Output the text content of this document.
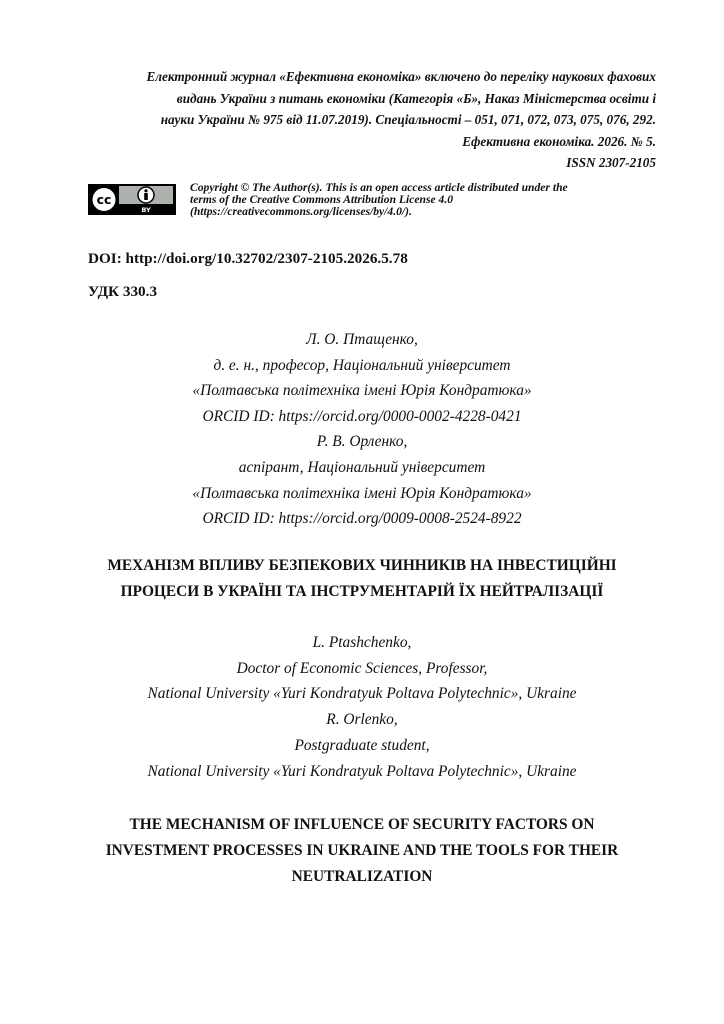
Електронний журнал «Ефективна економіка» включено до переліку наукових фахових
видань України з питань економіки (Категорія «Б», Наказ Міністерства освіти і
науки України № 975 від 11.07.2019). Спеціальності – 051, 071, 072, 073, 075, 076, 292.
Ефективна економіка. 2026. № 5.
ISSN 2307-2105
cc
BY
Copyright © The Author(s). This is an open access article distributed under the
terms of the Creative Commons Attribution License 4.0
(https://creativecommons.org/licenses/by/4.0/).
DOI: http://doi.org/10.32702/2307-2105.2026.5.78
УДК 330.3
Л. О. Птащенко,
д. е. н., професор, Національний університет
«Полтавська політехніка імені Юрія Кондратюка»
ORCID ID: https://orcid.org/0000-0002-4228-0421
Р. В. Орленко,
аспірант, Національний університет
«Полтавська політехніка імені Юрія Кондратюка»
ORCID ID: https://orcid.org/0009-0008-2524-8922
МЕХАНІЗМ ВПЛИВУ БЕЗПЕКОВИХ ЧИННИКІВ НА ІНВЕСТИЦІЙНІ
ПРОЦЕСИ В УКРАЇНІ ТА ІНСТРУМЕНТАРІЙ ЇХ НЕЙТРАЛІЗАЦІЇ
L. Ptashchenko,
Doctor of Economic Sciences, Professor,
National University «Yuri Kondratyuk Poltava Polytechnic», Ukraine
R. Orlenko,
Postgraduate student,
National University «Yuri Kondratyuk Poltava Polytechnic», Ukraine
THE MECHANISM OF INFLUENCE OF SECURITY FACTORS ON
INVESTMENT PROCESSES IN UKRAINE AND THE TOOLS FOR THEIR
NEUTRALIZATION
